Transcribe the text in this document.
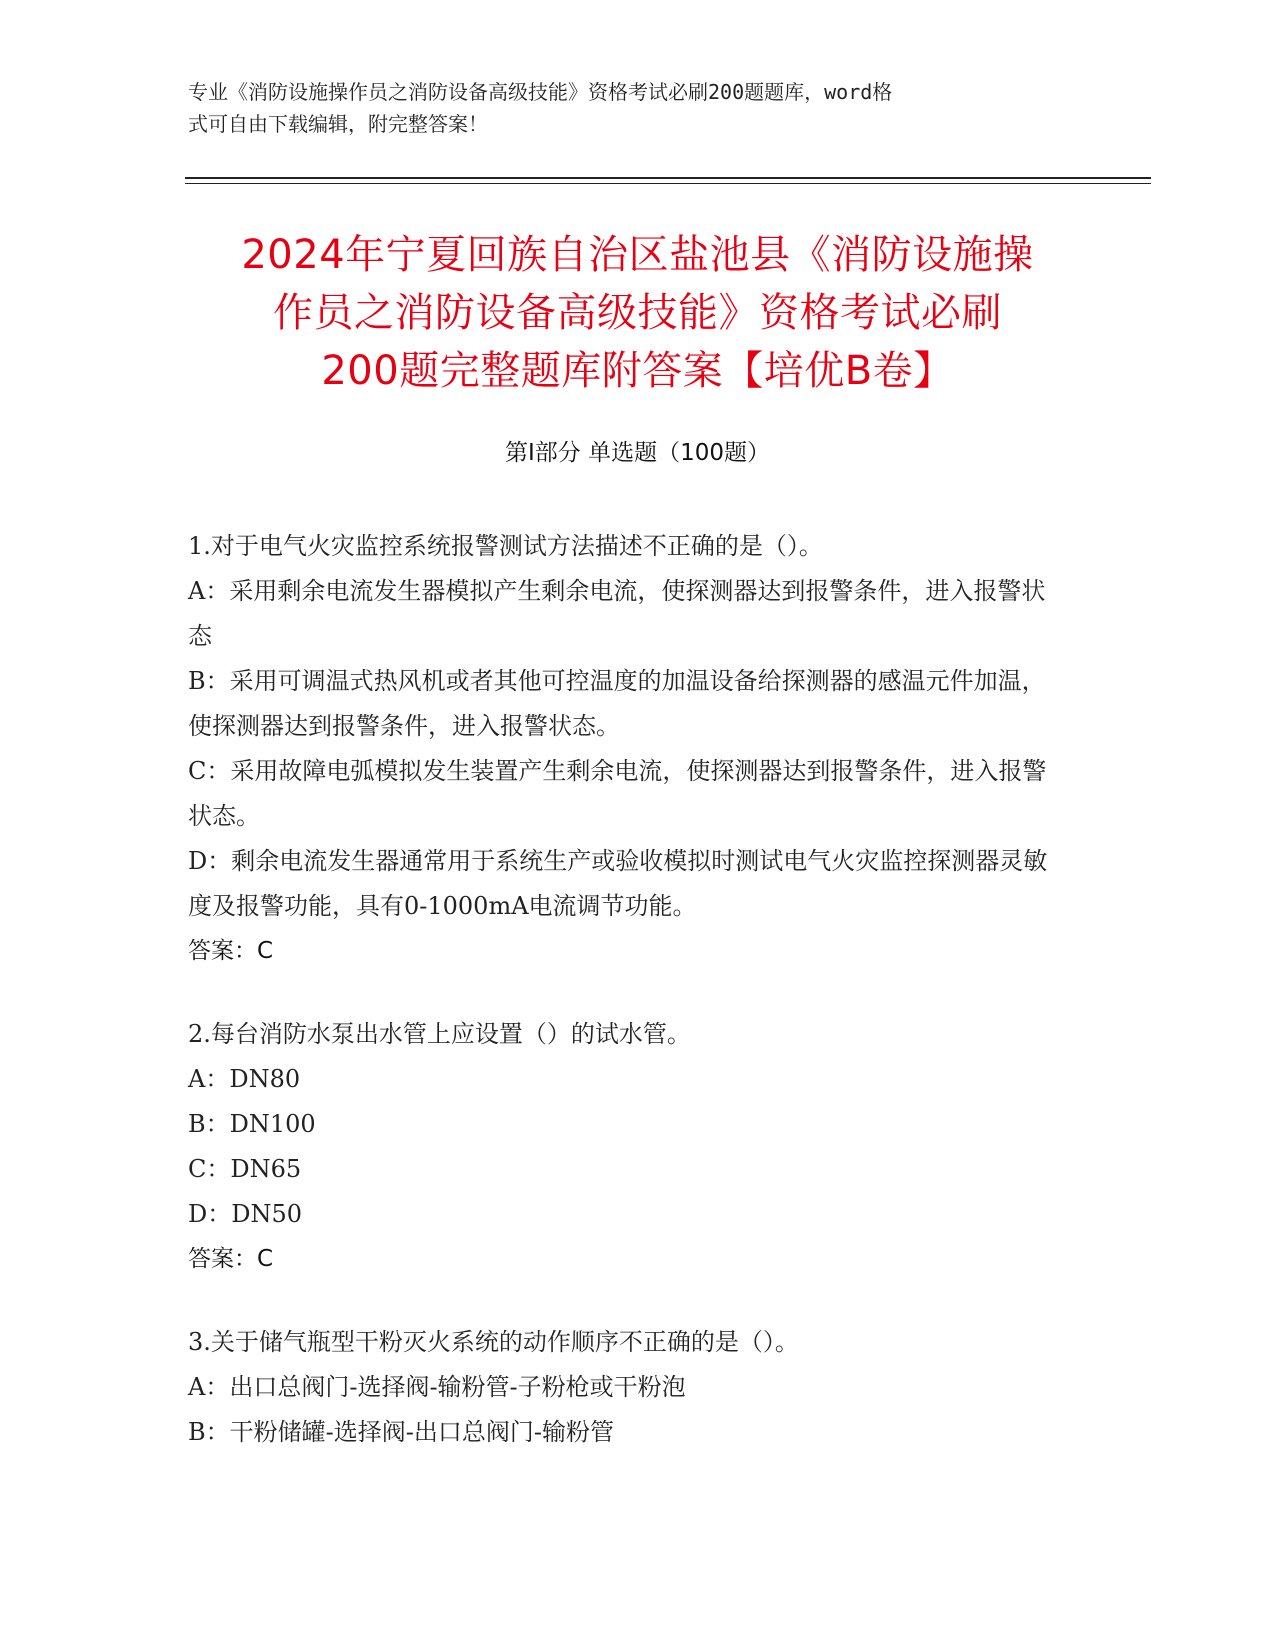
专业《消防设施操作员之消防设备高级技能》资格考试必刷200题题库，word格
式可自由下载编辑，附完整答案！
2024年宁夏回族自治区盐池县《消防设施操
作员之消防设备高级技能》资格考试必刷
200题完整题库附答案【培优B卷】
第Ⅰ部分 单选题（100题）

1.对于电气火灾监控系统报警测试方法描述不正确的是（）。

A：采用剩余电流发生器模拟产生剩余电流，使探测器达到报警条件，进入报警状态

B：采用可调温式热风机或者其他可控温度的加温设备给探测器的感温元件加温，使探测器达到报警条件，进入报警状态。

C：采用故障电弧模拟发生装置产生剩余电流，使探测器达到报警条件，进入报警状态。

D：剩余电流发生器通常用于系统生产或验收模拟时测试电气火灾监控探测器灵敏度及报警功能，具有0-1000mA电流调节功能。

答案：C

2.每台消防水泵出水管上应设置（）的试水管。

A：DN80

B：DN100

C：DN65

D：DN50

答案：C

3.关于储气瓶型干粉灭火系统的动作顺序不正确的是（）。

A：出口总阀门-选择阀-输粉管-子粉枪或干粉泡

B：干粉储罐-选择阀-出口总阀门-输粉管
